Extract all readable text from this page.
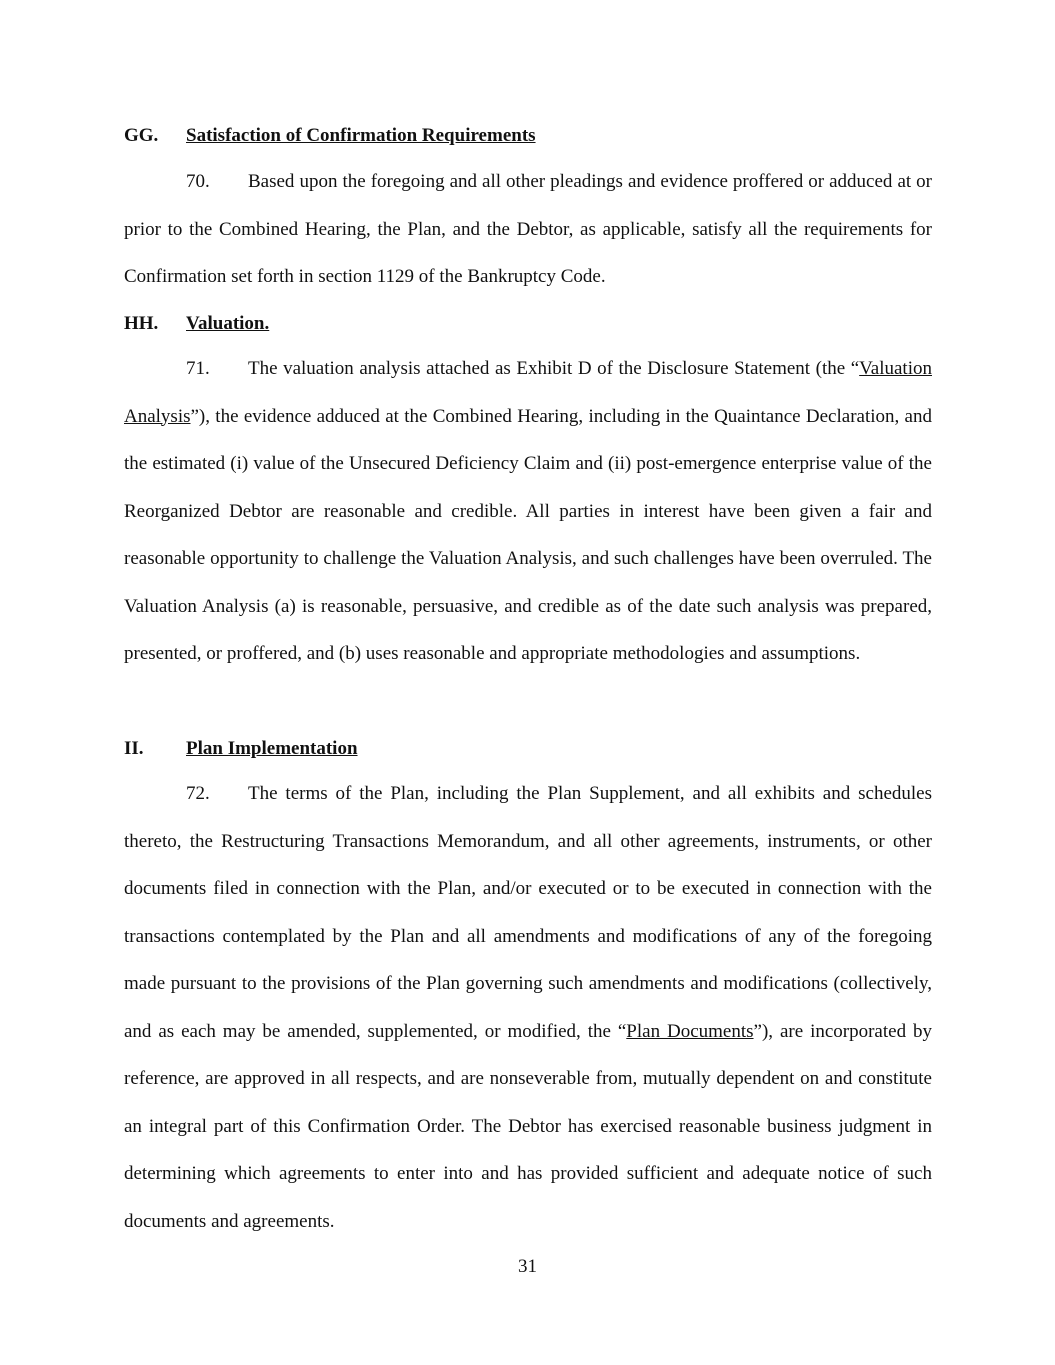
GG. Satisfaction of Confirmation Requirements
70. Based upon the foregoing and all other pleadings and evidence proffered or adduced at or prior to the Combined Hearing, the Plan, and the Debtor, as applicable, satisfy all the requirements for Confirmation set forth in section 1129 of the Bankruptcy Code.
HH. Valuation.
71. The valuation analysis attached as Exhibit D of the Disclosure Statement (the “Valuation Analysis”), the evidence adduced at the Combined Hearing, including in the Quaintance Declaration, and the estimated (i) value of the Unsecured Deficiency Claim and (ii) post-emergence enterprise value of the Reorganized Debtor are reasonable and credible. All parties in interest have been given a fair and reasonable opportunity to challenge the Valuation Analysis, and such challenges have been overruled. The Valuation Analysis (a) is reasonable, persuasive, and credible as of the date such analysis was prepared, presented, or proffered, and (b) uses reasonable and appropriate methodologies and assumptions.
II. Plan Implementation
72. The terms of the Plan, including the Plan Supplement, and all exhibits and schedules thereto, the Restructuring Transactions Memorandum, and all other agreements, instruments, or other documents filed in connection with the Plan, and/or executed or to be executed in connection with the transactions contemplated by the Plan and all amendments and modifications of any of the foregoing made pursuant to the provisions of the Plan governing such amendments and modifications (collectively, and as each may be amended, supplemented, or modified, the “Plan Documents”), are incorporated by reference, are approved in all respects, and are nonseverable from, mutually dependent on and constitute an integral part of this Confirmation Order. The Debtor has exercised reasonable business judgment in determining which agreements to enter into and has provided sufficient and adequate notice of such documents and agreements.
31
